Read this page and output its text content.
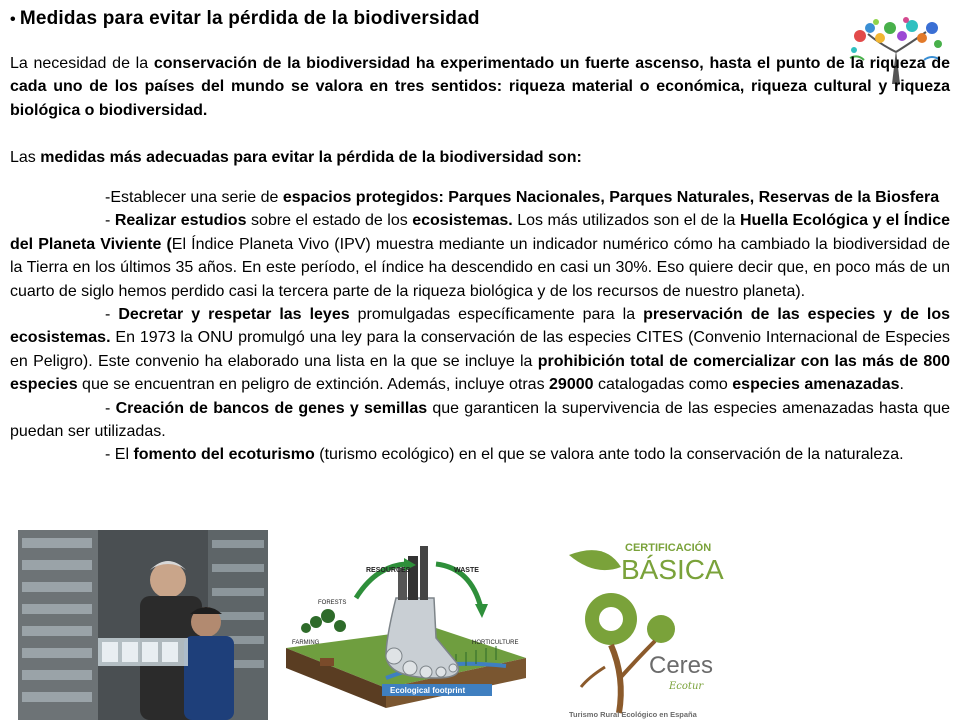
• Medidas para evitar la pérdida de la biodiversidad
La necesidad de la conservación de la biodiversidad ha experimentado un fuerte ascenso, hasta el punto de la riqueza de cada uno de los países del mundo se valora en tres sentidos: riqueza material o económica, riqueza cultural y riqueza biológica o biodiversidad.
Las medidas más adecuadas para evitar la pérdida de la biodiversidad son:
-Establecer una serie de espacios protegidos: Parques Nacionales, Parques Naturales, Reservas de la Biosfera
- Realizar estudios sobre el estado de los ecosistemas. Los más utilizados son el de la Huella Ecológica y el Índice del Planeta Viviente (El Índice Planeta Vivo (IPV) muestra mediante un indicador numérico cómo ha cambiado la biodiversidad de la Tierra en los últimos 35 años. En este período, el índice ha descendido en casi un 30%. Eso quiere decir que, en poco más de un cuarto de siglo hemos perdido casi la tercera parte de la riqueza biológica y de los recursos de nuestro planeta).
- Decretar y respetar las leyes promulgadas específicamente para la preservación de las especies y de los ecosistemas. En 1973 la ONU promulgó una ley para la conservación de las especies CITES (Convenio Internacional de Especies en Peligro). Este convenio ha elaborado una lista en la que se incluye la prohibición total de comercializar con las más de 800 especies que se encuentran en peligro de extinción. Además, incluye otras 29000 catalogadas como especies amenazadas.
- Creación de bancos de genes y semillas que garanticen la supervivencia de las especies amenazadas hasta que puedan ser utilizadas.
- El fomento del ecoturismo (turismo ecológico) en el que se valora ante todo la conservación de la naturaleza.
RESOURCES	WASTE
FORESTS
FARMING	HORTICULTURE
Ecological footprint
CERTIFICACIÓN
BÁSICA
Ceres
Ecotur
Turismo Rural Ecológico en España
